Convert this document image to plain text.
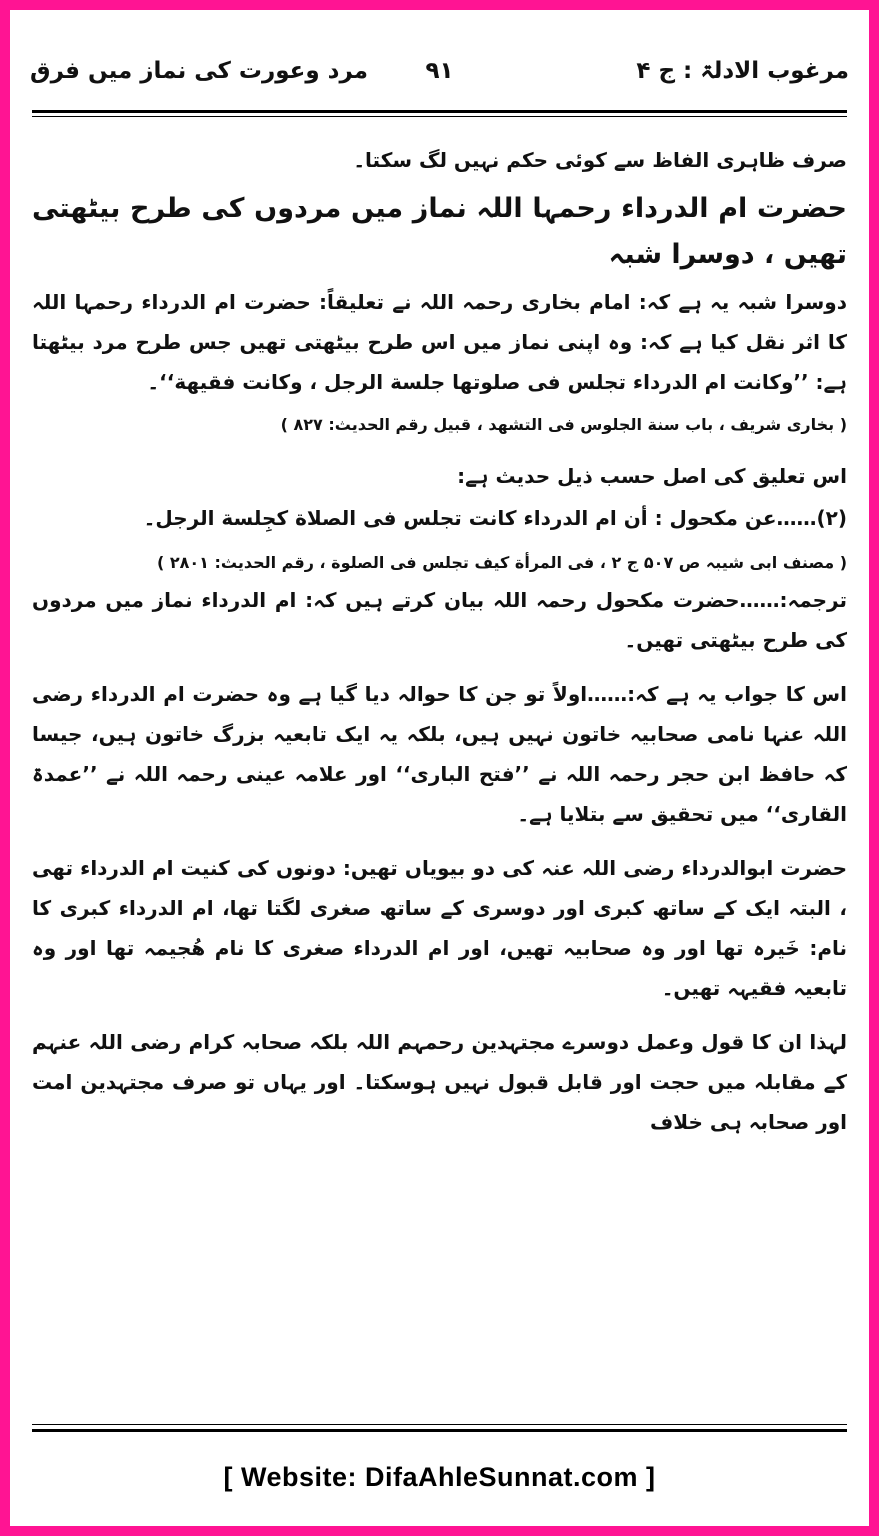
مرغوب الادلۃ : ج ۴
۹۱
مرد وعورت کی نماز میں فرق

صرف ظاہری الفاظ سے کوئی حکم نہیں لگ سکتا۔

حضرت ام الدرداء رحمہا اللہ نماز میں مردوں کی طرح بیٹھتی تھیں ، دوسرا شبہ

دوسرا شبہ یہ ہے کہ: امام بخاری رحمہ اللہ نے تعلیقاً: حضرت ام الدرداء رحمہا اللہ کا اثر نقل کیا ہے کہ: وہ اپنی نماز میں اس طرح بیٹھتی تھیں جس طرح مرد بیٹھتا ہے: ’’وکانت ام الدرداء تجلس فی صلوتها جلسة الرجل ، وکانت فقيهة‘‘۔

( بخاری شریف ، باب سنة الجلوس فی التشهد ، قبيل رقم الحديث: ۸۲۷ )

اس تعلیق کی اصل حسب ذیل حدیث ہے:

(۲)……عن مكحول : أن ام الدرداء كانت تجلس فی الصلاة كجِلسة الرجل۔

( مصنف ابی شیبہ ص ۵۰۷ ج ۲ ، فی المرأة كيف تجلس فی الصلوة ، رقم الحديث: ۲۸۰۱ )

ترجمہ:……حضرت مکحول رحمہ اللہ بیان کرتے ہیں کہ: ام الدرداء نماز میں مردوں کی طرح بیٹھتی تھیں۔

اس کا جواب یہ ہے کہ:……اولاً تو جن کا حوالہ دیا گیا ہے وہ حضرت ام الدرداء رضی اللہ عنہا نامی صحابیہ خاتون نہیں ہیں، بلکہ یہ ایک تابعیہ بزرگ خاتون ہیں، جیسا کہ حافظ ابن حجر رحمہ اللہ نے ’’فتح الباری‘‘ اور علامہ عینی رحمہ اللہ نے ’’عمدۃ القاری‘‘ میں تحقیق سے بتلایا ہے۔

حضرت ابوالدرداء رضی اللہ عنہ کی دو بیویاں تھیں: دونوں کی کنیت ام الدرداء تھی ، البتہ ایک کے ساتھ کبری اور دوسری کے ساتھ صغری لگتا تھا، ام الدرداء کبری کا نام: خَیرہ تھا اور وہ صحابیہ تھیں، اور ام الدرداء صغری کا نام ھُجیمہ تھا اور وہ تابعیہ فقیہہ تھیں۔

لہذا ان کا قول وعمل دوسرے مجتہدین رحمہم اللہ بلکہ صحابہ کرام رضی اللہ عنہم کے مقابلہ میں حجت اور قابل قبول نہیں ہوسکتا۔ اور یہاں تو صرف مجتہدین امت اور صحابہ ہی خلاف

[ Website: DifaAhleSunnat.com ]
